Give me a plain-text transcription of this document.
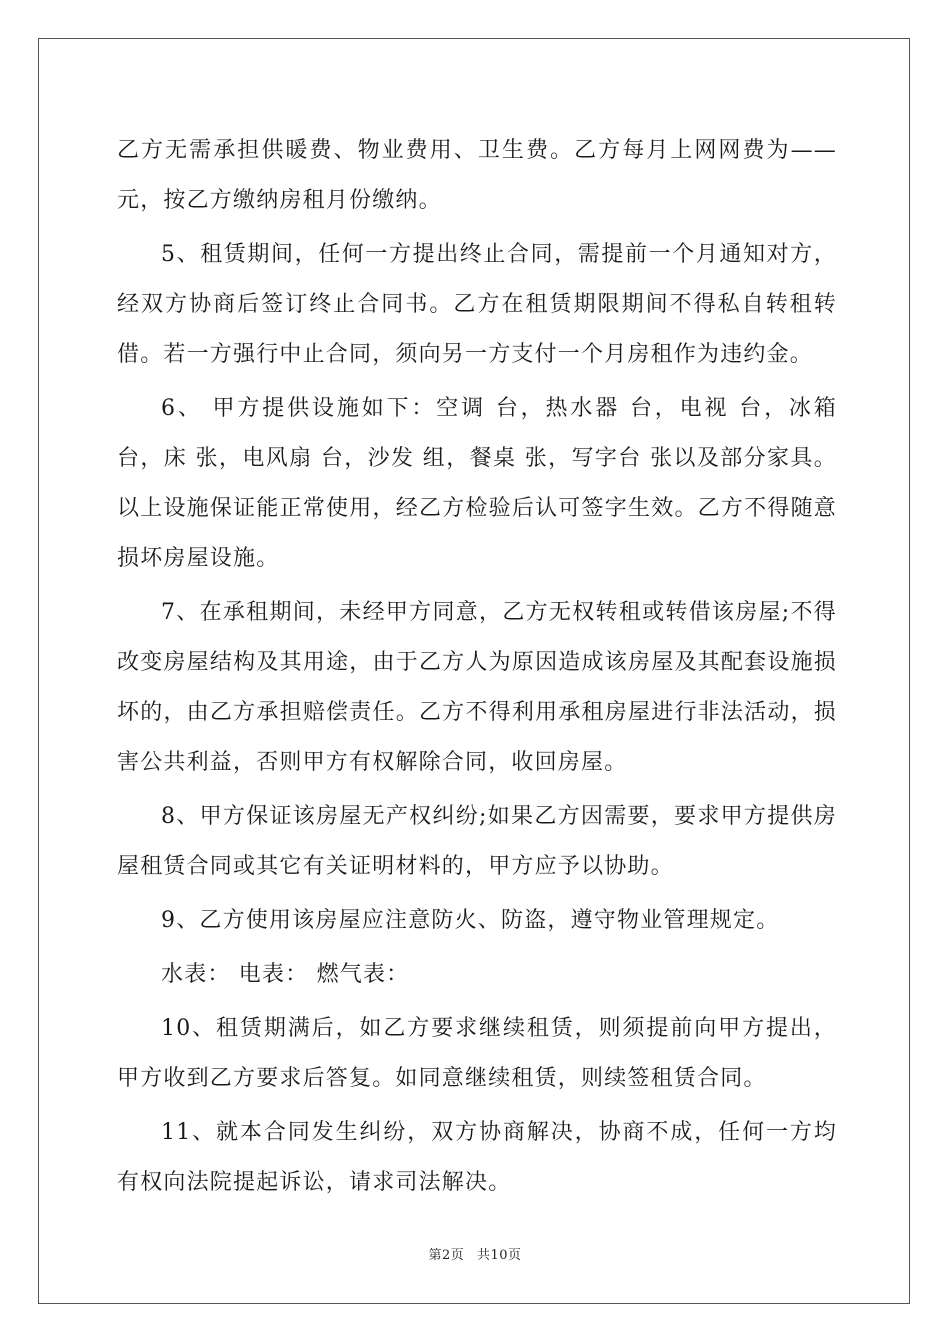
乙方无需承担供暖费、物业费用、卫生费。乙方每月上网网费为——元，按乙方缴纳房租月份缴纳。

5、租赁期间，任何一方提出终止合同，需提前一个月通知对方，经双方协商后签订终止合同书。乙方在租赁期限期间不得私自转租转借。若一方强行中止合同，须向另一方支付一个月房租作为违约金。

6、 甲方提供设施如下：空调 台，热水器 台，电视 台，冰箱 台，床 张，电风扇 台，沙发 组，餐桌 张，写字台 张以及部分家具。以上设施保证能正常使用，经乙方检验后认可签字生效。乙方不得随意损坏房屋设施。

7、在承租期间，未经甲方同意，乙方无权转租或转借该房屋;不得改变房屋结构及其用途，由于乙方人为原因造成该房屋及其配套设施损坏的，由乙方承担赔偿责任。乙方不得利用承租房屋进行非法活动，损害公共利益，否则甲方有权解除合同，收回房屋。

8、甲方保证该房屋无产权纠纷;如果乙方因需要，要求甲方提供房屋租赁合同或其它有关证明材料的，甲方应予以协助。

9、乙方使用该房屋应注意防火、防盗，遵守物业管理规定。

水表： 电表： 燃气表：

10、租赁期满后，如乙方要求继续租赁，则须提前向甲方提出，甲方收到乙方要求后答复。如同意继续租赁，则续签租赁合同。

11、就本合同发生纠纷，双方协商解决，协商不成，任何一方均有权向法院提起诉讼，请求司法解决。

第2页 共10页
